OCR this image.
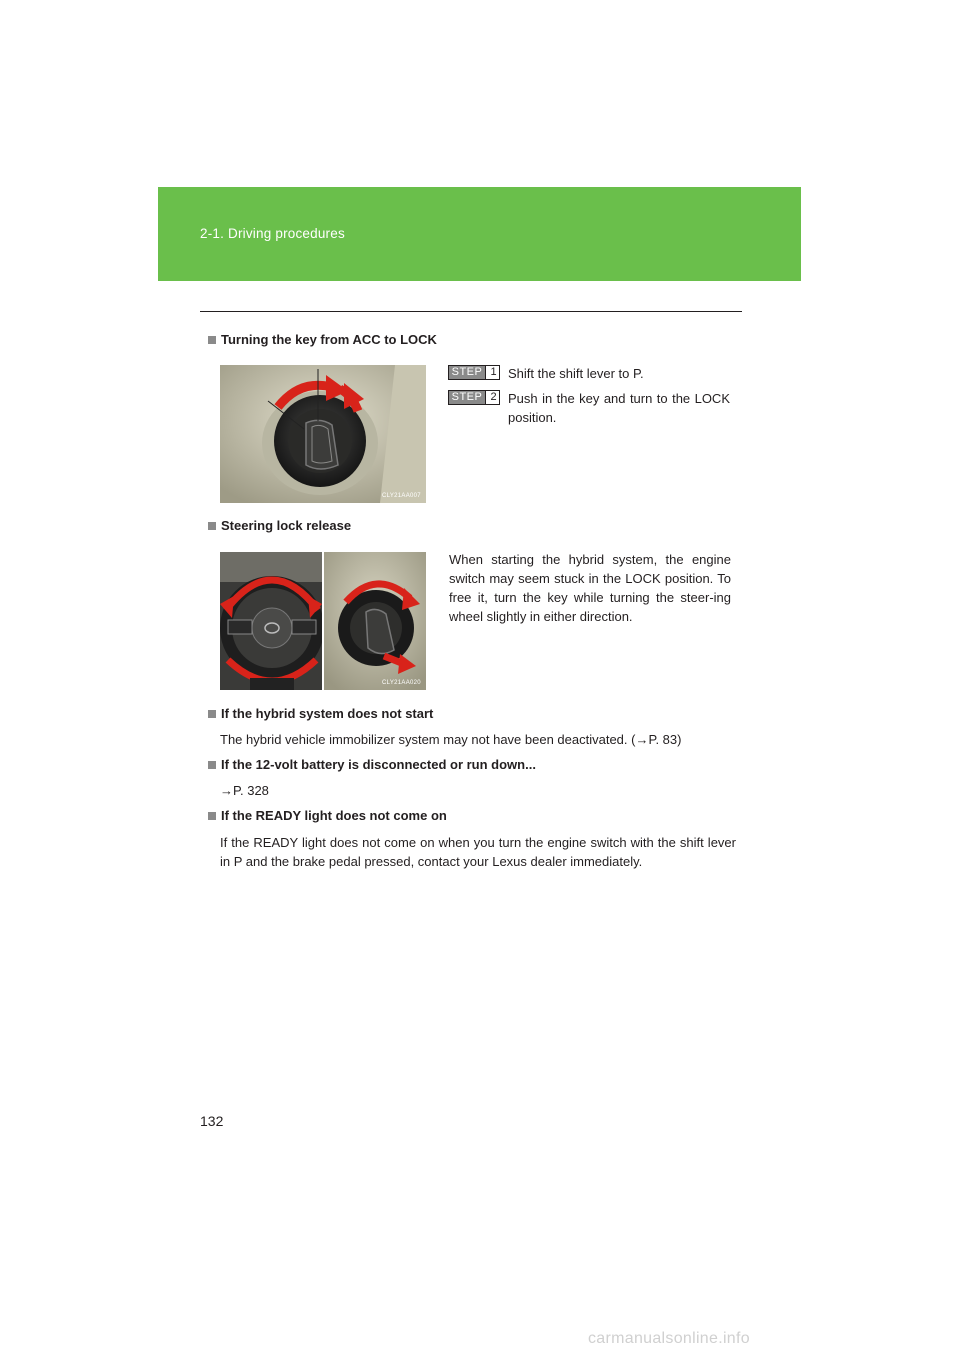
2-1. Driving procedures
Turning the key from ACC to LOCK
CLY21AA007
STEP 1 Shift the shift lever to P.
STEP 2 Push in the key and turn to the LOCK position.
Steering lock release
CLY21AA020
When starting the hybrid system, the engine switch may seem stuck in the LOCK position. To free it, turn the key while turning the steer-ing wheel slightly in either direction.
If the hybrid system does not start
The hybrid vehicle immobilizer system may not have been deactivated. (→P. 83)
If the 12-volt battery is disconnected or run down...
→P. 328
If the READY light does not come on
If the READY light does not come on when you turn the engine switch with the shift lever in P and the brake pedal pressed, contact your Lexus dealer immediately.
132
carmanualsonline.info
